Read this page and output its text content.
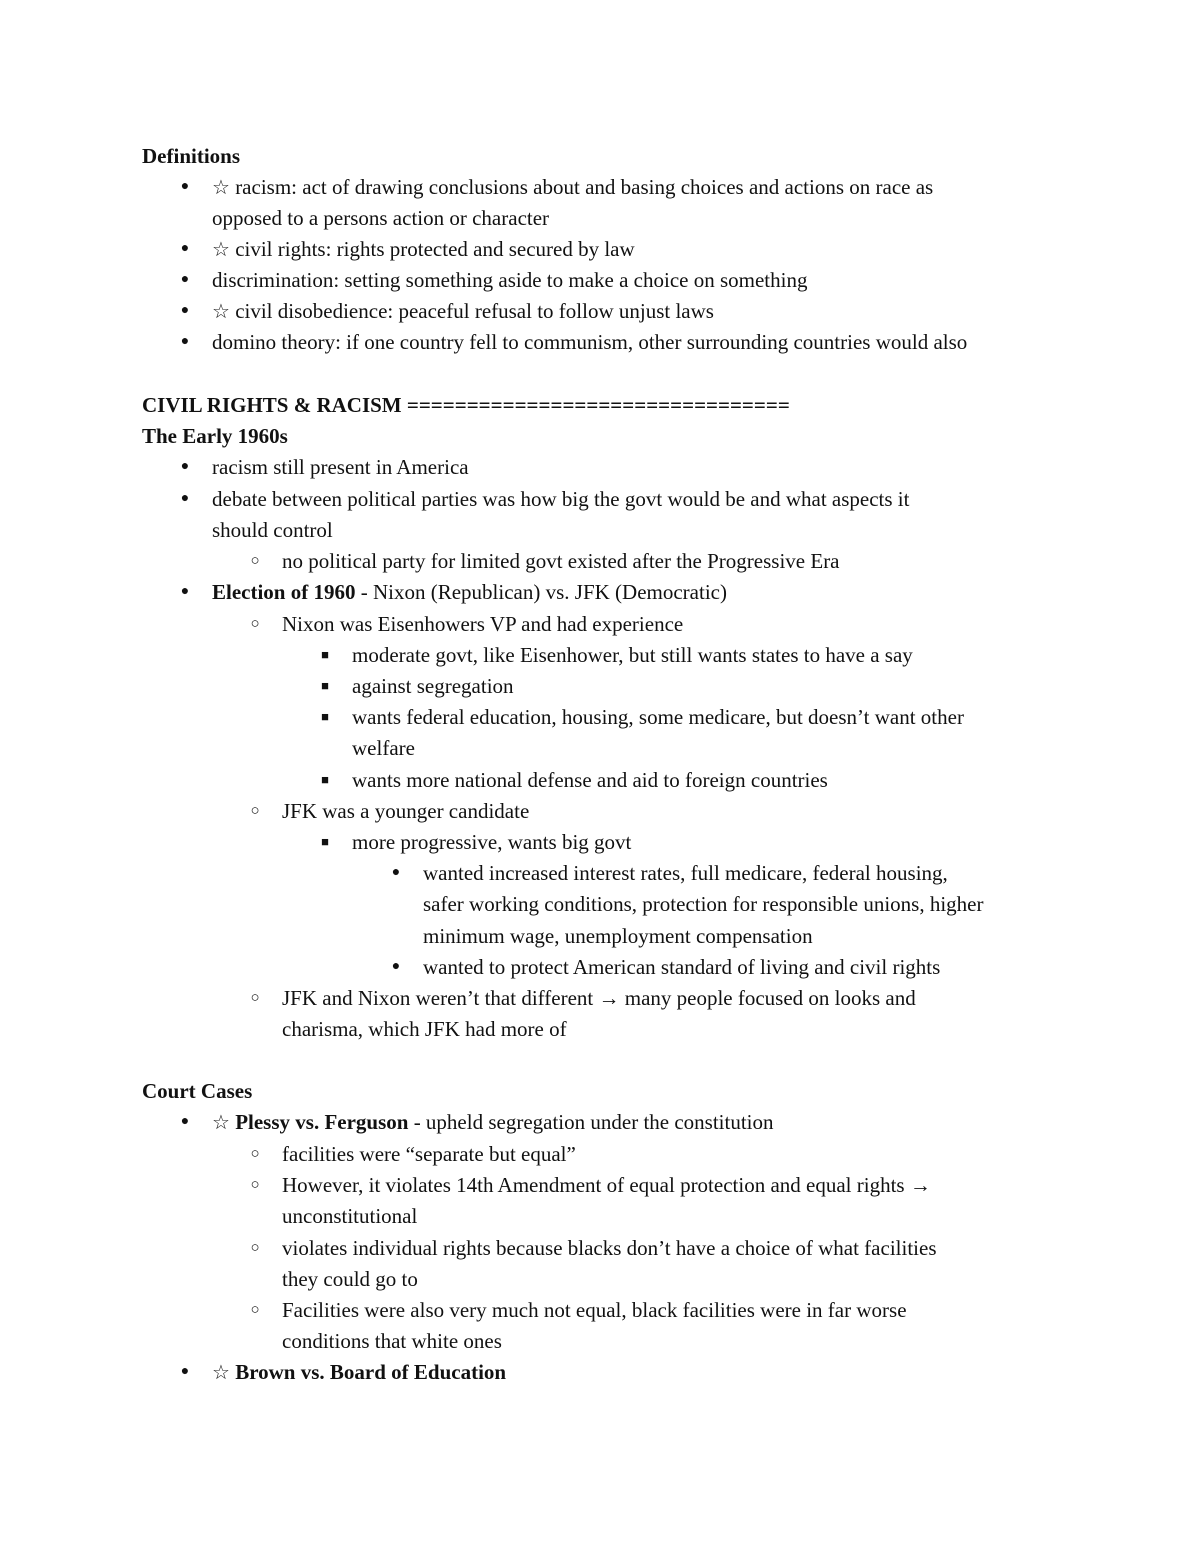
Definitions
●	☆ racism: act of drawing conclusions about and basing choices and actions on race as
opposed to a persons action or character
●	☆ civil rights: rights protected and secured by law
●	discrimination: setting something aside to make a choice on something
●	☆ civil disobedience: peaceful refusal to follow unjust laws
●	domino theory: if one country fell to communism, other surrounding countries would also
CIVIL RIGHTS & RACISM ================================
The Early 1960s
●	racism still present in America
●	debate between political parties was how big the govt would be and what aspects it
should control
○	no political party for limited govt existed after the Progressive Era
●	Election of 1960 - Nixon (Republican) vs. JFK (Democratic)
○	Nixon was Eisenhowers VP and had experience
■	moderate govt, like Eisenhower, but still wants states to have a say
■	against segregation
■	wants federal education, housing, some medicare, but doesn’t want other
welfare
■	wants more national defense and aid to foreign countries
○	JFK was a younger candidate
■	more progressive, wants big govt
●	wanted increased interest rates, full medicare, federal housing,
safer working conditions, protection for responsible unions, higher
minimum wage, unemployment compensation
●	wanted to protect American standard of living and civil rights
○	JFK and Nixon weren’t that different → many people focused on looks and
charisma, which JFK had more of
Court Cases
●	☆ Plessy vs. Ferguson - upheld segregation under the constitution
○	facilities were “separate but equal”
○	However, it violates 14th Amendment of equal protection and equal rights →
unconstitutional
○	violates individual rights because blacks don’t have a choice of what facilities
they could go to
○	Facilities were also very much not equal, black facilities were in far worse
conditions that white ones
●	☆ Brown vs. Board of Education
